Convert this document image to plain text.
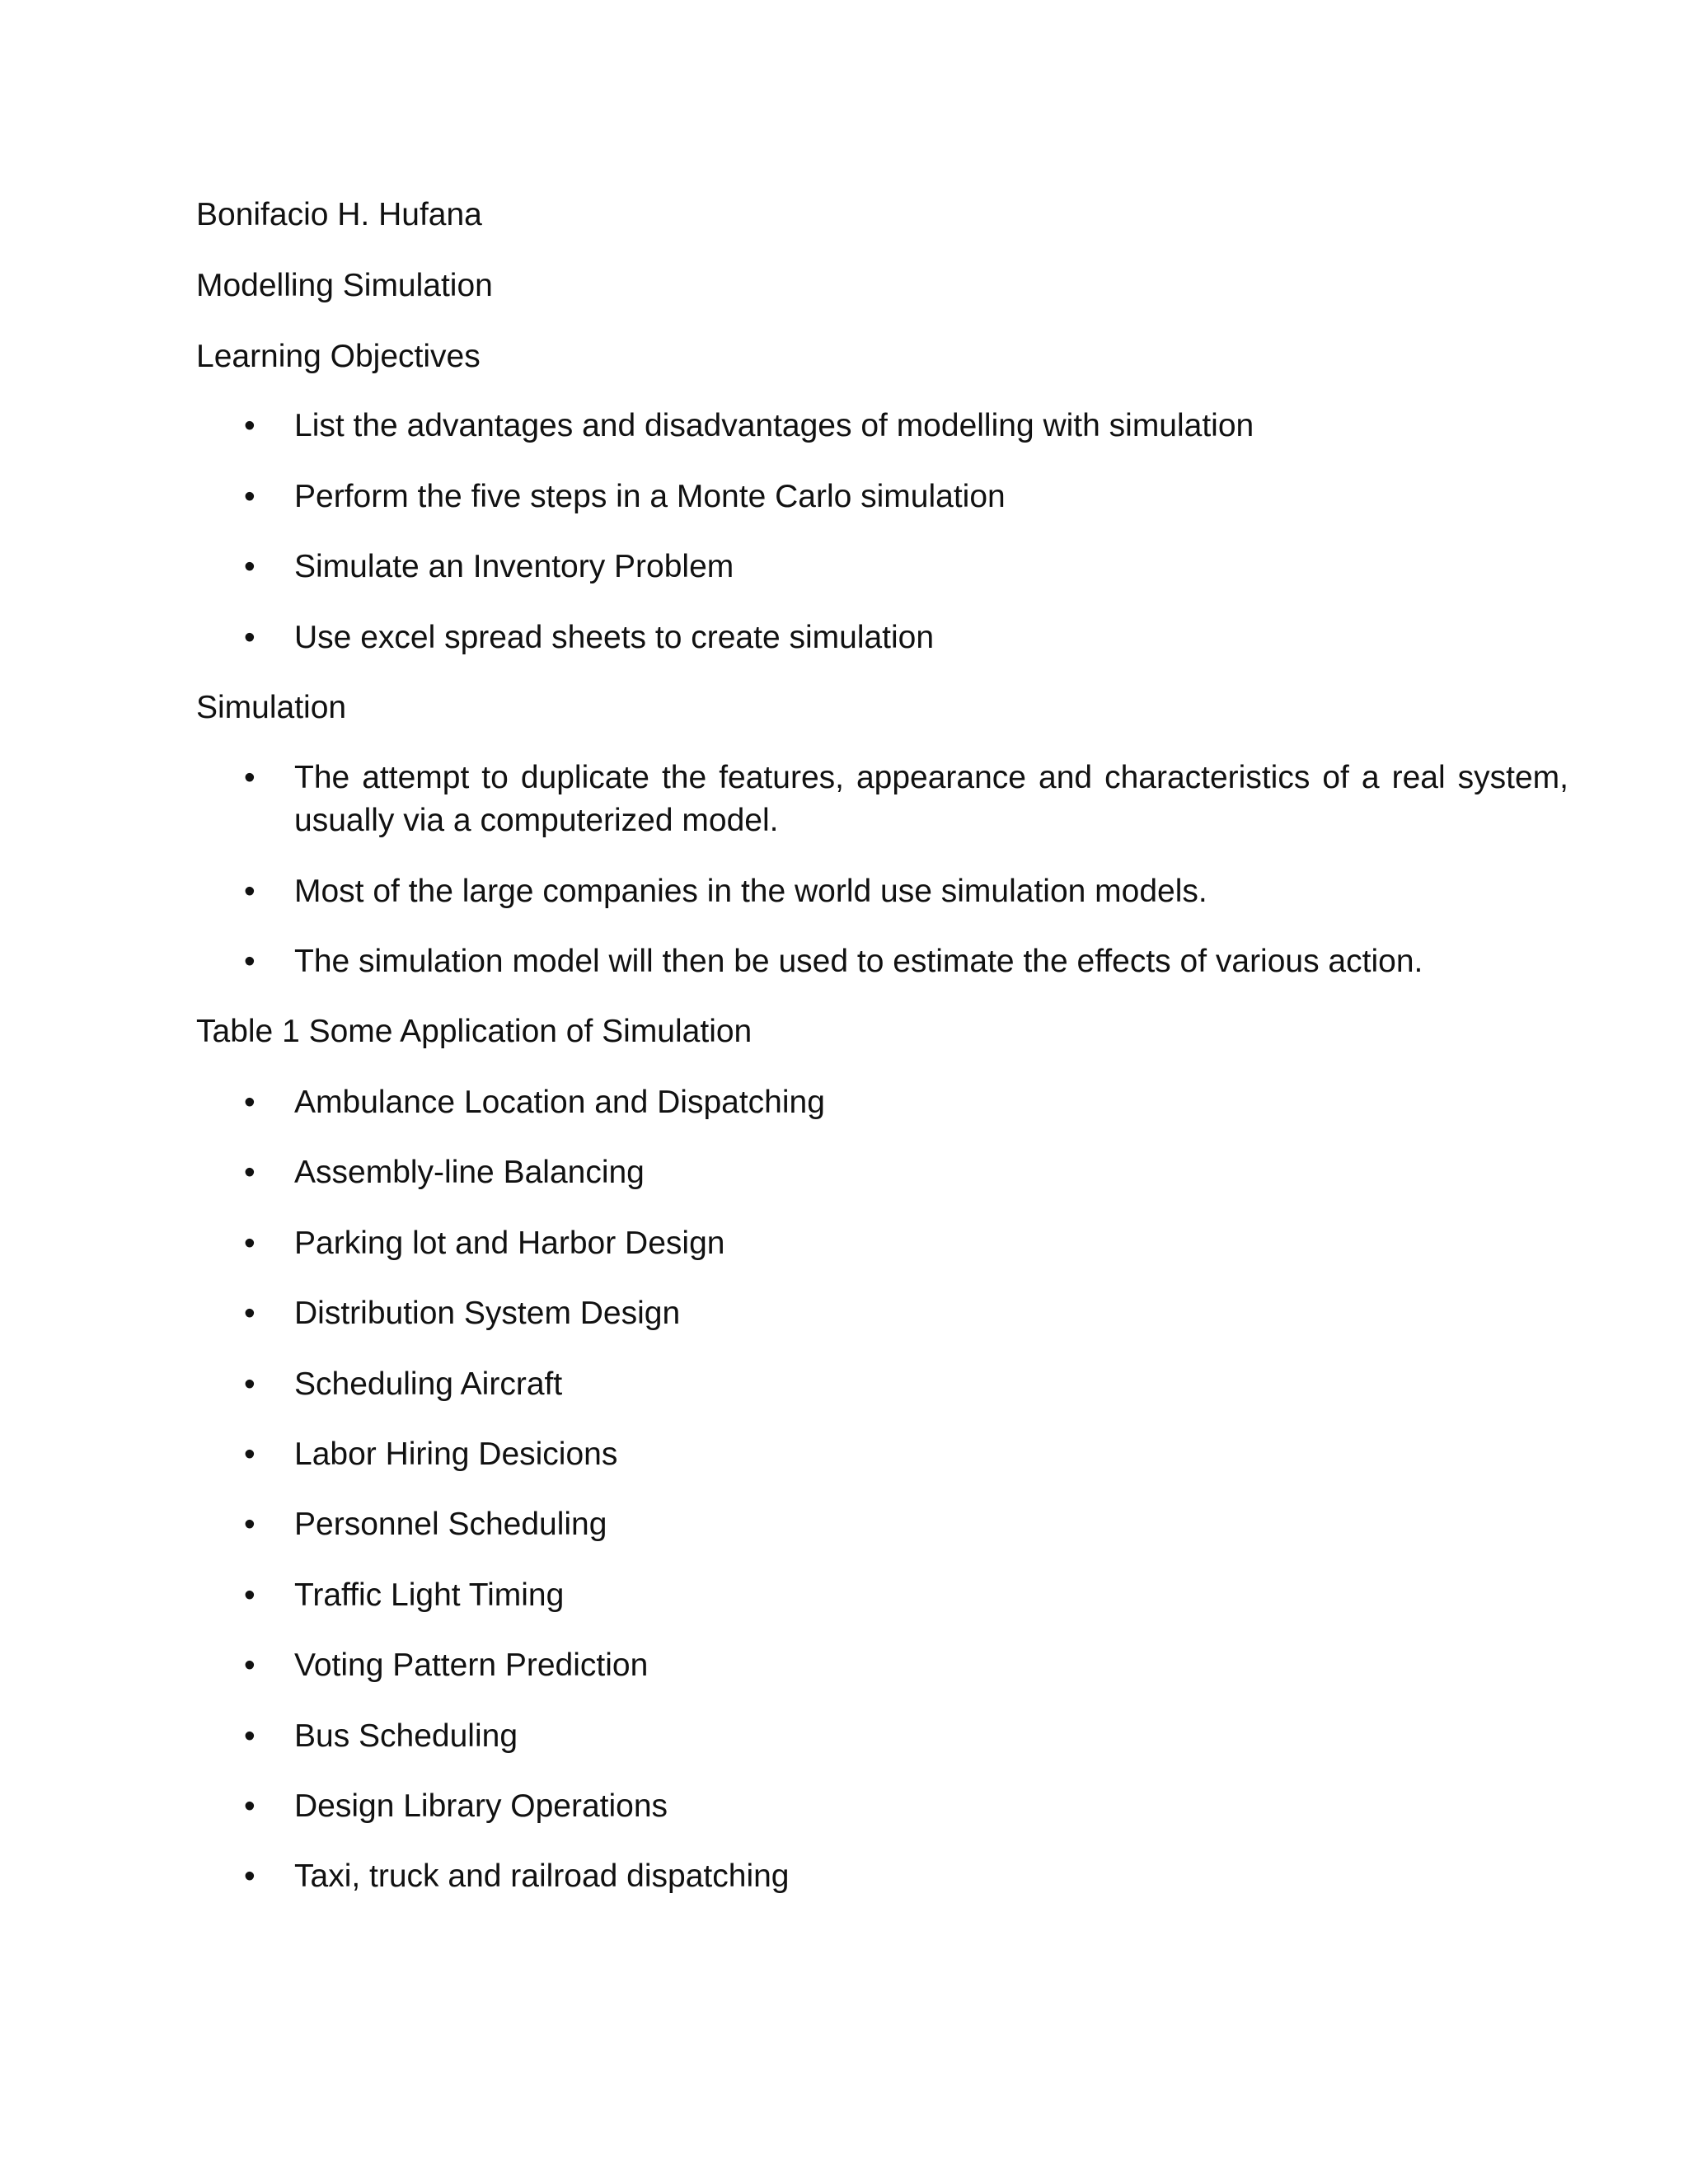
Bonifacio H. Hufana

Modelling Simulation

Learning Objectives
• List the advantages and disadvantages of modelling with simulation
• Perform the five steps in a Monte Carlo simulation
• Simulate an Inventory Problem
• Use excel spread sheets to create simulation
Simulation
• The attempt to duplicate the features, appearance and characteristics of a real system, usually via a computerized model.
• Most of the large companies in the world use simulation models.
• The simulation model will then be used to estimate the effects of various action.
Table 1 Some Application of Simulation
• Ambulance Location and Dispatching
• Assembly-line Balancing
• Parking lot and Harbor Design
• Distribution System Design
• Scheduling Aircraft
• Labor Hiring Desicions
• Personnel Scheduling
• Traffic Light Timing
• Voting Pattern Prediction
• Bus Scheduling
• Design Library Operations
• Taxi, truck and railroad dispatching
